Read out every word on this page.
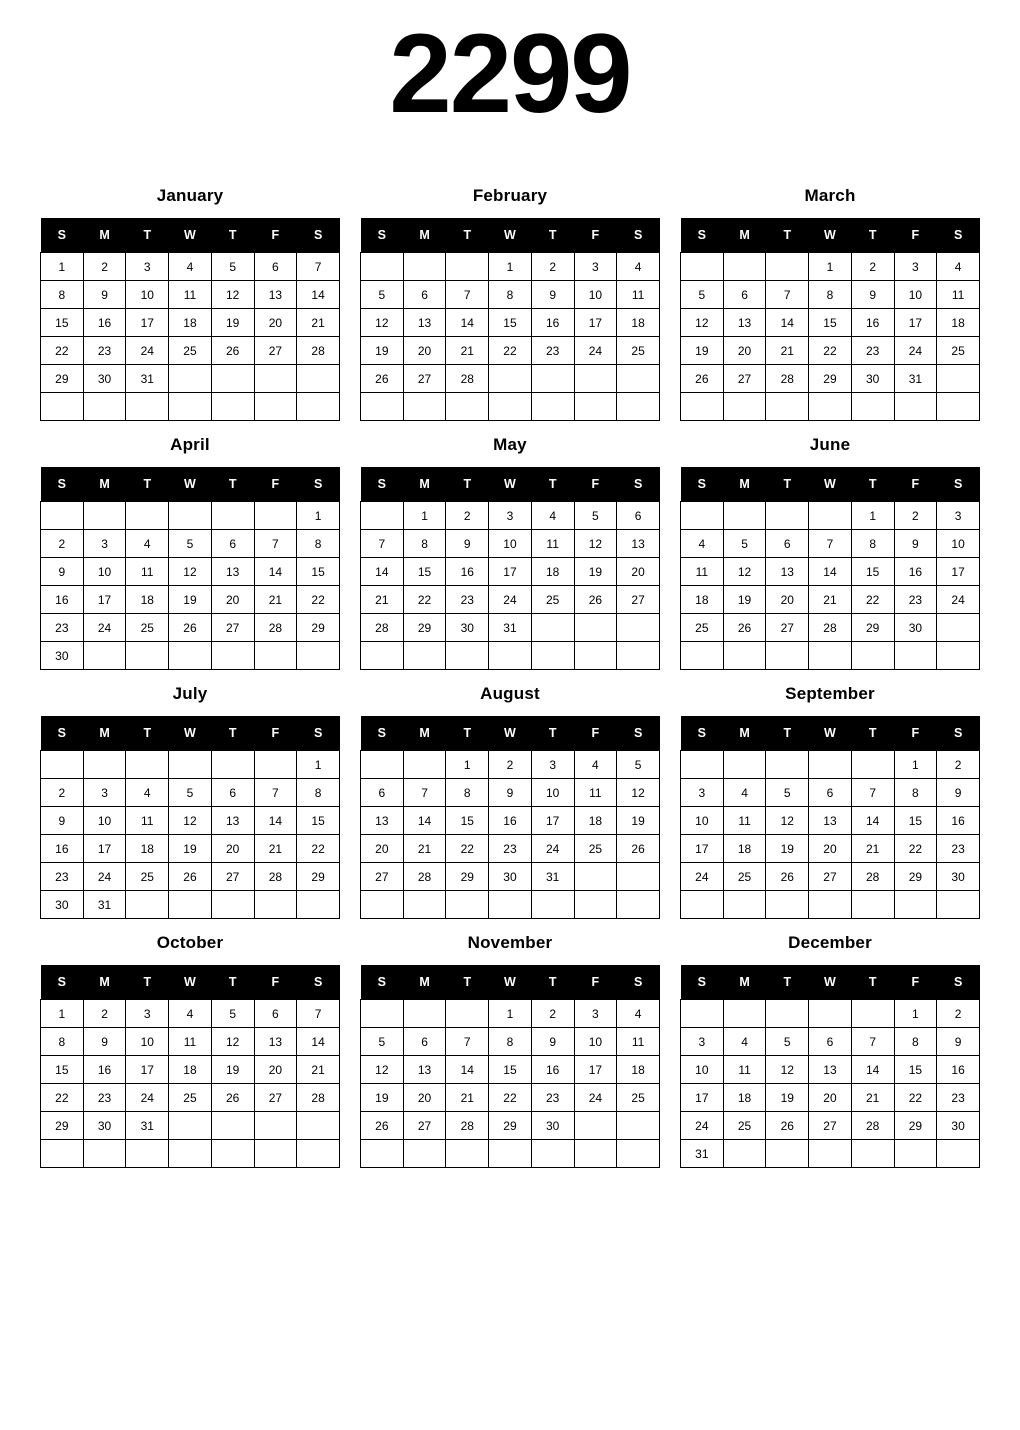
2299
January
S	M	T	W	T	F	S
1	2	3	4	5	6	7
8	9	10	11	12	13	14
15	16	17	18	19	20	21
22	23	24	25	26	27	28
29	30	31				

February
S	M	T	W	T	F	S
			1	2	3	4
5	6	7	8	9	10	11
12	13	14	15	16	17	18
19	20	21	22	23	24	25
26	27	28				

March
S	M	T	W	T	F	S
			1	2	3	4
5	6	7	8	9	10	11
12	13	14	15	16	17	18
19	20	21	22	23	24	25
26	27	28	29	30	31	

April
S	M	T	W	T	F	S
						1
2	3	4	5	6	7	8
9	10	11	12	13	14	15
16	17	18	19	20	21	22
23	24	25	26	27	28	29
30						
May
S	M	T	W	T	F	S
	1	2	3	4	5	6
7	8	9	10	11	12	13
14	15	16	17	18	19	20
21	22	23	24	25	26	27
28	29	30	31			

June
S	M	T	W	T	F	S
				1	2	3
4	5	6	7	8	9	10
11	12	13	14	15	16	17
18	19	20	21	22	23	24
25	26	27	28	29	30	

July
S	M	T	W	T	F	S
						1
2	3	4	5	6	7	8
9	10	11	12	13	14	15
16	17	18	19	20	21	22
23	24	25	26	27	28	29
30	31					
August
S	M	T	W	T	F	S
		1	2	3	4	5
6	7	8	9	10	11	12
13	14	15	16	17	18	19
20	21	22	23	24	25	26
27	28	29	30	31		

September
S	M	T	W	T	F	S
					1	2
3	4	5	6	7	8	9
10	11	12	13	14	15	16
17	18	19	20	21	22	23
24	25	26	27	28	29	30

October
S	M	T	W	T	F	S
1	2	3	4	5	6	7
8	9	10	11	12	13	14
15	16	17	18	19	20	21
22	23	24	25	26	27	28
29	30	31				

November
S	M	T	W	T	F	S
			1	2	3	4
5	6	7	8	9	10	11
12	13	14	15	16	17	18
19	20	21	22	23	24	25
26	27	28	29	30		

December
S	M	T	W	T	F	S
					1	2
3	4	5	6	7	8	9
10	11	12	13	14	15	16
17	18	19	20	21	22	23
24	25	26	27	28	29	30
31						
